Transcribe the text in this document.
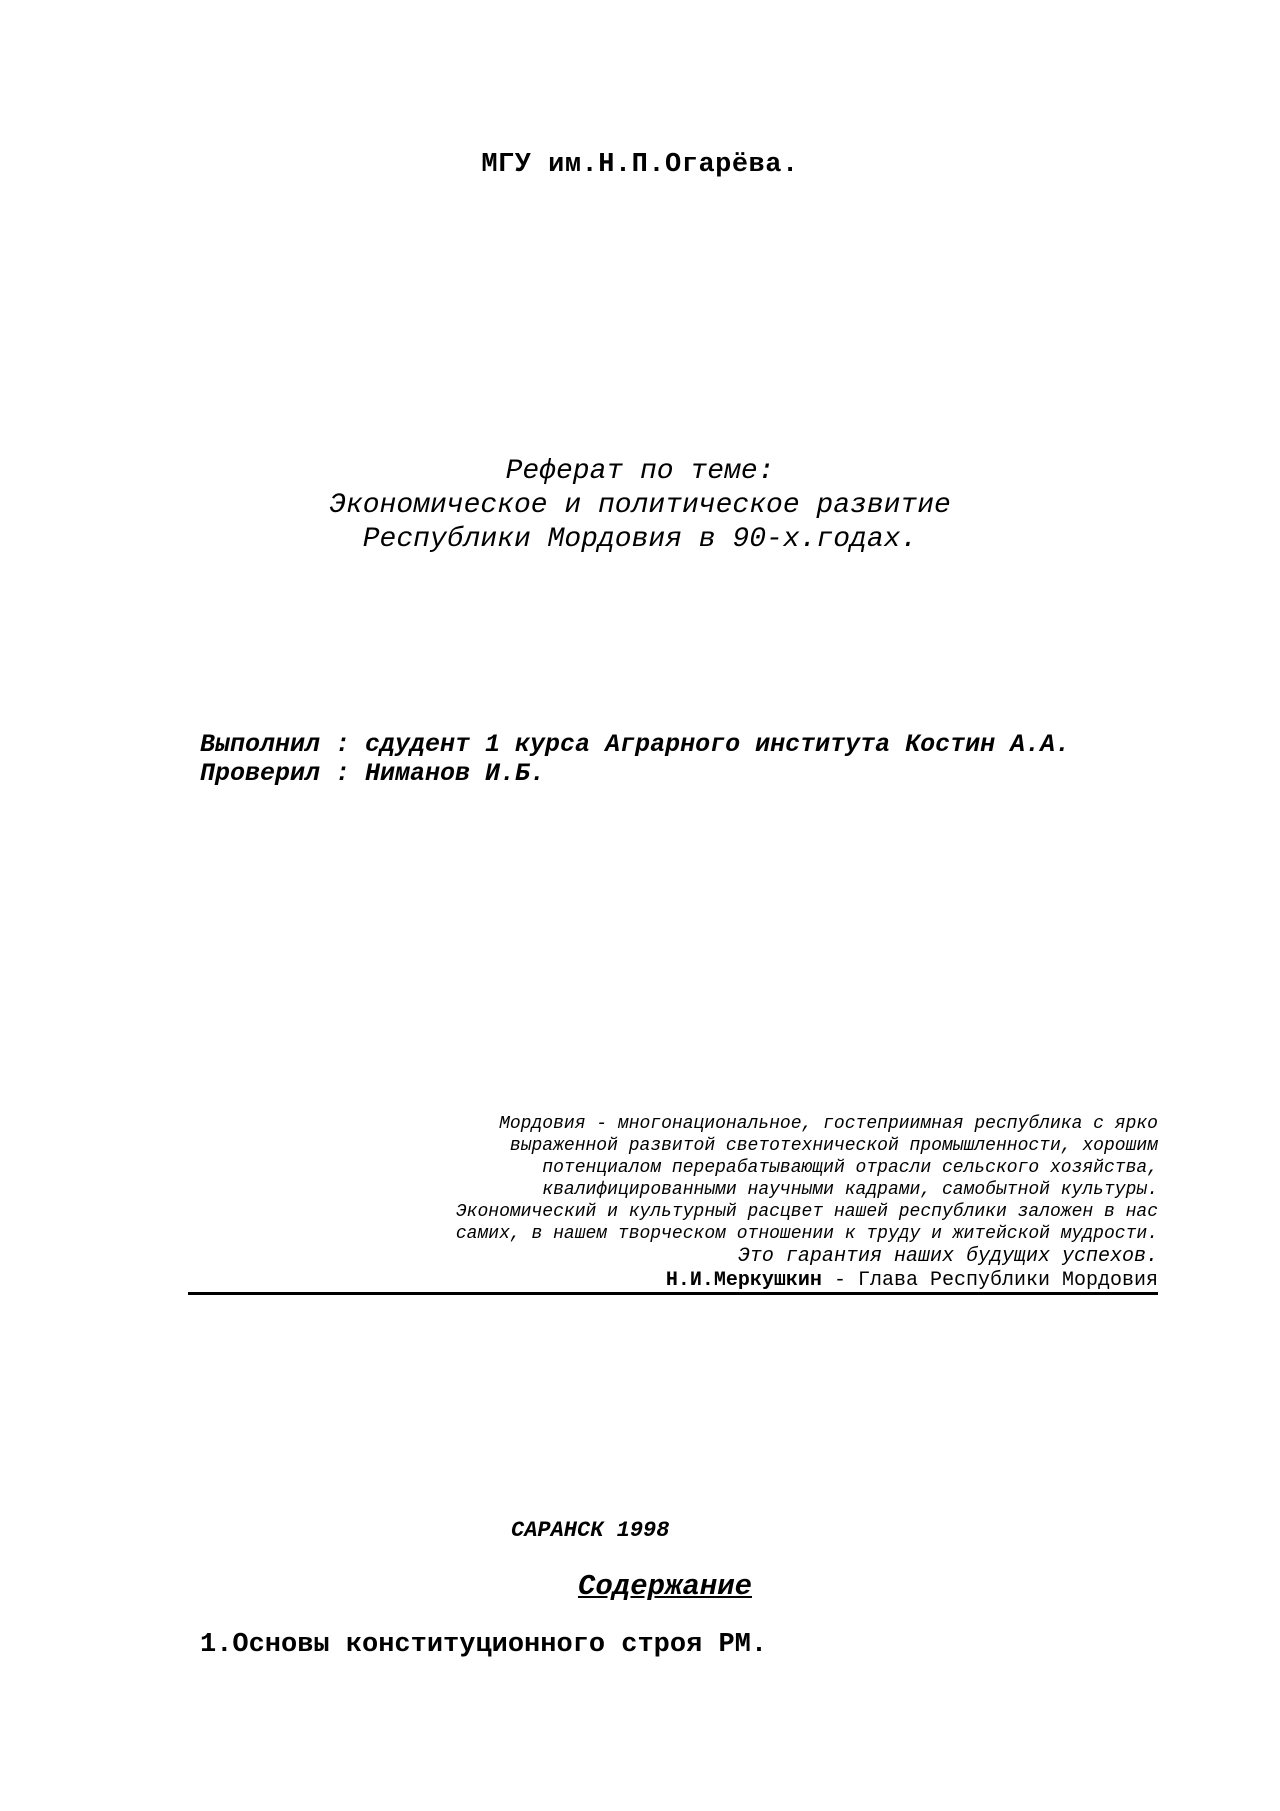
МГУ им.Н.П.Огарёва.
Реферат по теме:
Экономическое и политическое развитие
Республики Мордовия в 90-х.годах.
Выполнил : сдудент 1 курса Аграрного института Костин А.А.
Проверил : Ниманов И.Б.
Мордовия - многонациональное, гостеприимная республика с ярко
выраженной развитой светотехнической промышленности, хорошим
потенциалом перерабатывающий отрасли сельского хозяйства,
квалифицированными научными кадрами, самобытной культуры.
Экономический и культурный расцвет нашей республики заложен в нас
самих, в нашем творческом отношении к труду и житейской мудрости.
Это гарантия наших будущих успехов.
Н.И.Меркушкин - Глава Республики Мордовия
САРАНСК 1998
Содержание
1.Основы конституционного строя РМ.
